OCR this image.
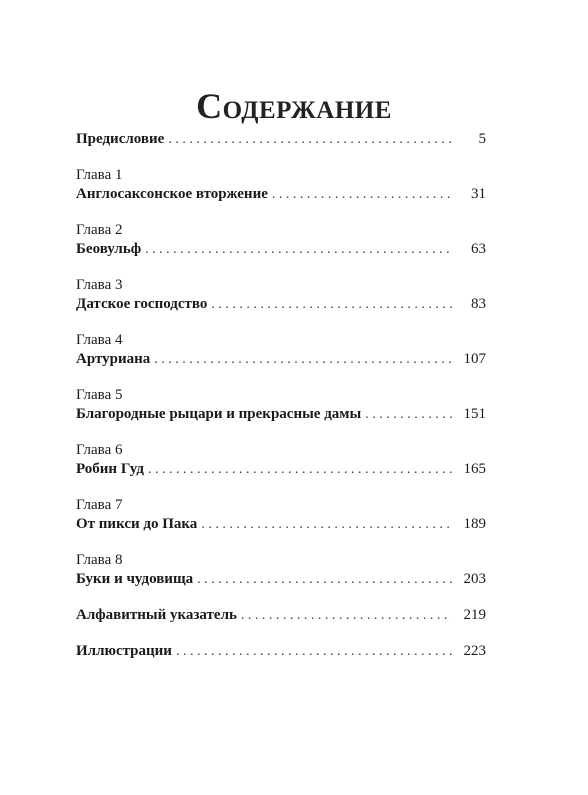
Содержание
Предисловие . . .	5
Глава 1
Англосаксонское вторжение . . .	31
Глава 2
Беовульф . . .	63
Глава 3
Датское господство . . .	83
Глава 4
Артуриана . . .	107
Глава 5
Благородные рыцари и прекрасные дамы . . .	151
Глава 6
Робин Гуд . . .	165
Глава 7
От пикси до Пака . . .	189
Глава 8
Буки и чудовища . . .	203
Алфавитный указатель . . .	219
Иллюстрации . . .	223
